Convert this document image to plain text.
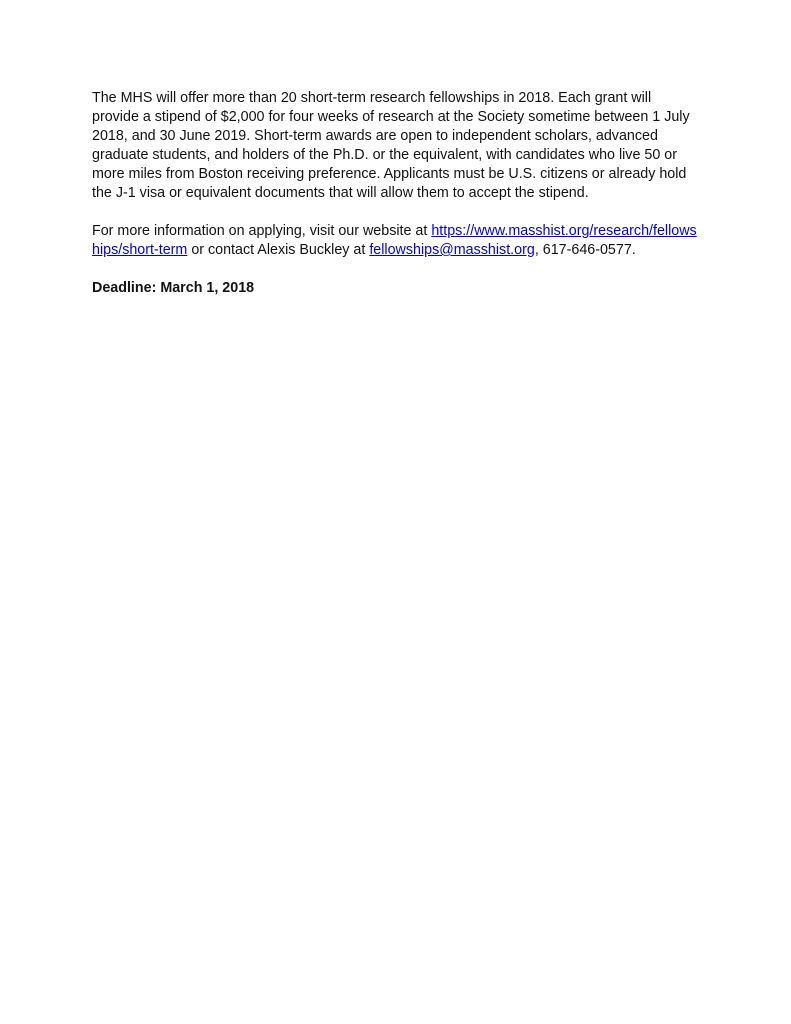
The MHS will offer more than 20 short-term research fellowships in 2018. Each grant will provide a stipend of $2,000 for four weeks of research at the Society sometime between 1 July 2018, and 30 June 2019. Short-term awards are open to independent scholars, advanced graduate students, and holders of the Ph.D. or the equivalent, with candidates who live 50 or more miles from Boston receiving preference. Applicants must be U.S. citizens or already hold the J-1 visa or equivalent documents that will allow them to accept the stipend.

For more information on applying, visit our website at https://www.masshist.org/research/fellowships/short-term or contact Alexis Buckley at fellowships@masshist.org, 617-646-0577.

Deadline: March 1, 2018
